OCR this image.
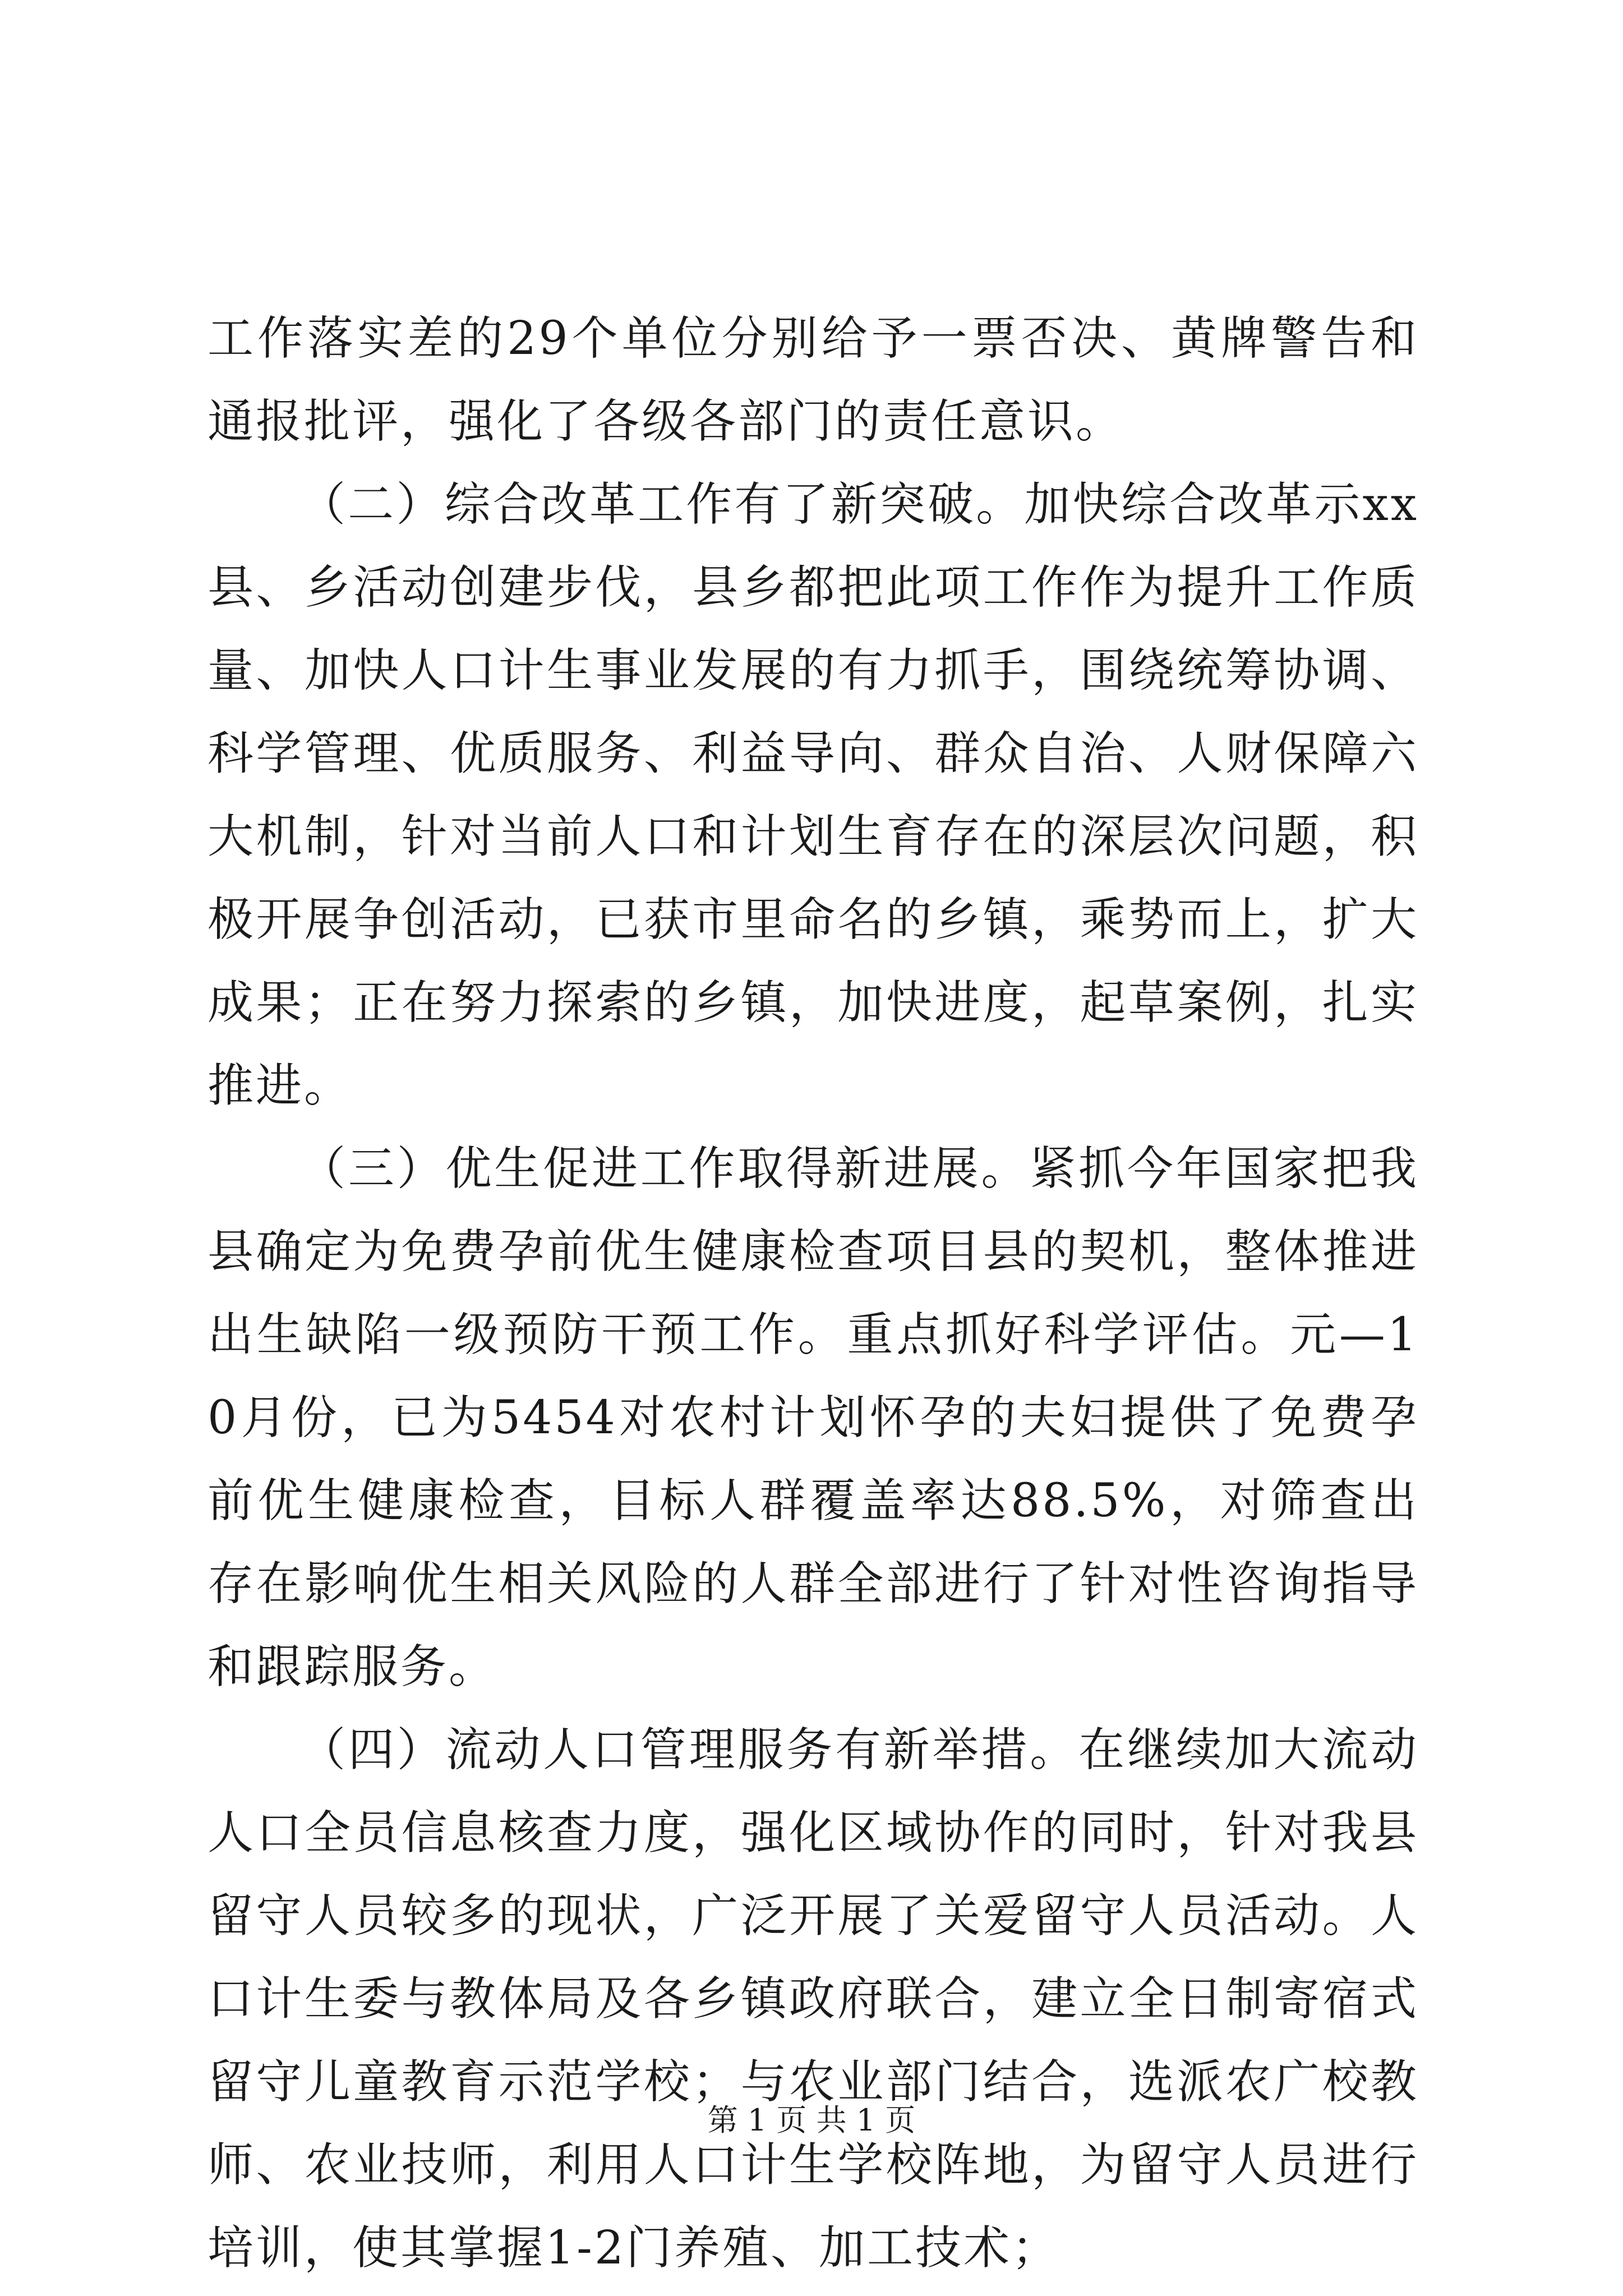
工作落实差的29个单位分别给予一票否决、黄牌警告和通报批评，强化了各级各部门的责任意识。

（二）综合改革工作有了新突破。加快综合改革示xx县、乡活动创建步伐，县乡都把此项工作作为提升工作质量、加快人口计生事业发展的有力抓手，围绕统筹协调、科学管理、优质服务、利益导向、群众自治、人财保障六大机制，针对当前人口和计划生育存在的深层次问题，积极开展争创活动，已获市里命名的乡镇，乘势而上，扩大成果；正在努力探索的乡镇，加快进度，起草案例，扎实推进。

（三）优生促进工作取得新进展。紧抓今年国家把我县确定为免费孕前优生健康检查项目县的契机，整体推进出生缺陷一级预防干预工作。重点抓好科学评估。元—10月份，已为5454对农村计划怀孕的夫妇提供了免费孕前优生健康检查，目标人群覆盖率达88.5%，对筛查出存在影响优生相关风险的人群全部进行了针对性咨询指导和跟踪服务。

（四）流动人口管理服务有新举措。在继续加大流动人口全员信息核查力度，强化区域协作的同时，针对我县留守人员较多的现状，广泛开展了关爱留守人员活动。人口计生委与教体局及各乡镇政府联合，建立全日制寄宿式留守儿童教育示范学校；与农业部门结合，选派农广校教师、农业技师，利用人口计生学校阵地，为留守人员进行培训，使其掌握1-2门养殖、加工技术；

第 1 页 共 1 页
